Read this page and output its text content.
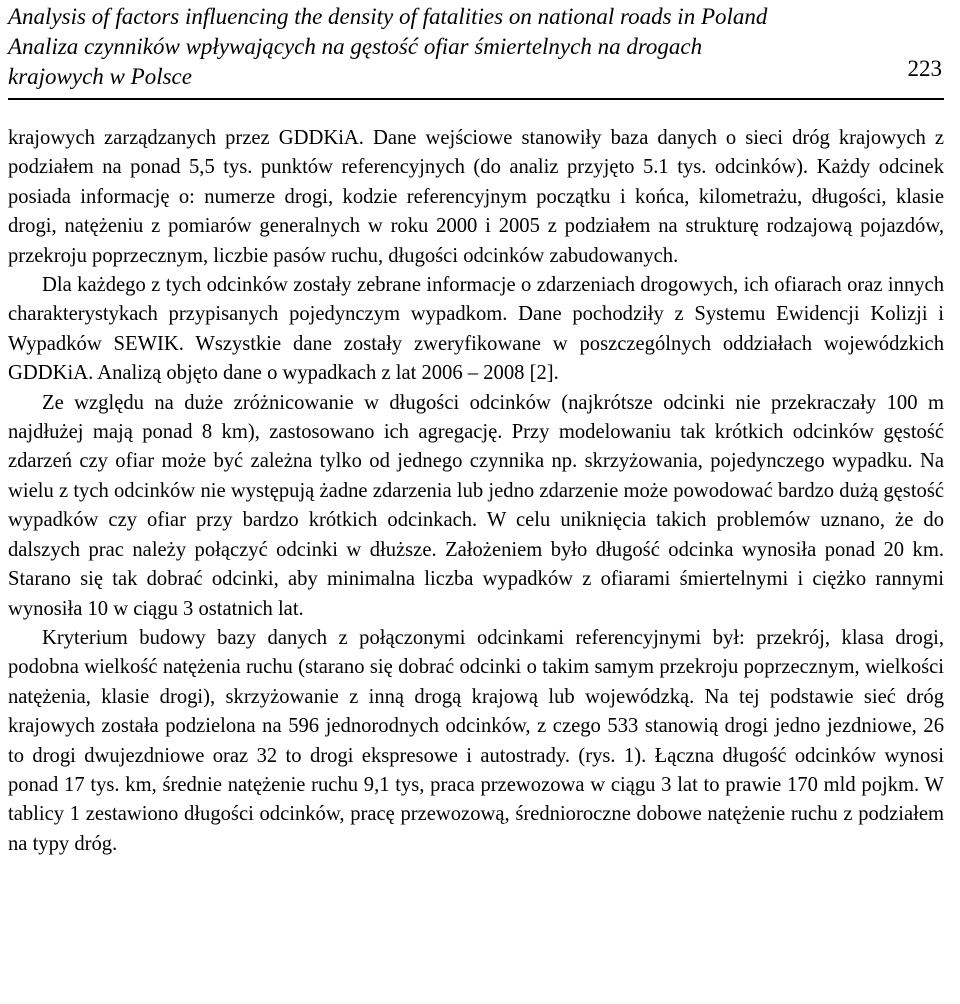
Analysis of factors influencing the density of fatalities on national roads in Poland
Analiza czynników wpływających na gęstość ofiar śmiertelnych na drogach
krajowych w Polsce	223

krajowych zarządzanych przez GDDKiA. Dane wejściowe stanowiły baza danych o sieci dróg krajowych z podziałem na ponad 5,5 tys. punktów referencyjnych (do analiz przyjęto 5.1 tys. odcinków). Każdy odcinek posiada informację o: numerze drogi, kodzie referencyjnym początku i końca, kilometrażu, długości, klasie drogi, natężeniu z pomiarów generalnych w roku 2000 i 2005 z podziałem na strukturę rodzajową pojazdów, przekroju poprzecznym, liczbie pasów ruchu, długości odcinków zabudowanych.

Dla każdego z tych odcinków zostały zebrane informacje o zdarzeniach drogowych, ich ofiarach oraz innych charakterystykach przypisanych pojedynczym wypadkom. Dane pochodziły z Systemu Ewidencji Kolizji i Wypadków SEWIK. Wszystkie dane zostały zweryfikowane w poszczególnych oddziałach wojewódzkich GDDKiA. Analizą objęto dane o wypadkach z lat 2006 – 2008 [2].

Ze względu na duże zróżnicowanie w długości odcinków (najkrótsze odcinki nie przekraczały 100 m najdłużej mają ponad 8 km), zastosowano ich agregację. Przy modelowaniu tak krótkich odcinków gęstość zdarzeń czy ofiar może być zależna tylko od jednego czynnika np. skrzyżowania, pojedynczego wypadku. Na wielu z tych odcinków nie występują żadne zdarzenia lub jedno zdarzenie może powodować bardzo dużą gęstość wypadków czy ofiar przy bardzo krótkich odcinkach. W celu uniknięcia takich problemów uznano, że do dalszych prac należy połączyć odcinki w dłuższe. Założeniem było długość odcinka wynosiła ponad 20 km. Starano się tak dobrać odcinki, aby minimalna liczba wypadków z ofiarami śmiertelnymi i ciężko rannymi wynosiła 10 w ciągu 3 ostatnich lat.

Kryterium budowy bazy danych z połączonymi odcinkami referencyjnymi był: przekrój, klasa drogi, podobna wielkość natężenia ruchu (starano się dobrać odcinki o takim samym przekroju poprzecznym, wielkości natężenia, klasie drogi), skrzyżowanie z inną drogą krajową lub wojewódzką. Na tej podstawie sieć dróg krajowych została podzielona na 596 jednorodnych odcinków, z czego 533 stanowią drogi jedno jezdniowe, 26 to drogi dwujezdniowe oraz 32 to drogi ekspresowe i autostrady. (rys. 1). Łączna długość odcinków wynosi ponad 17 tys. km, średnie natężenie ruchu 9,1 tys, praca przewozowa w ciągu 3 lat to prawie 170 mld pojkm. W tablicy 1 zestawiono długości odcinków, pracę przewozową, średnioroczne dobowe natężenie ruchu z podziałem na typy dróg.
